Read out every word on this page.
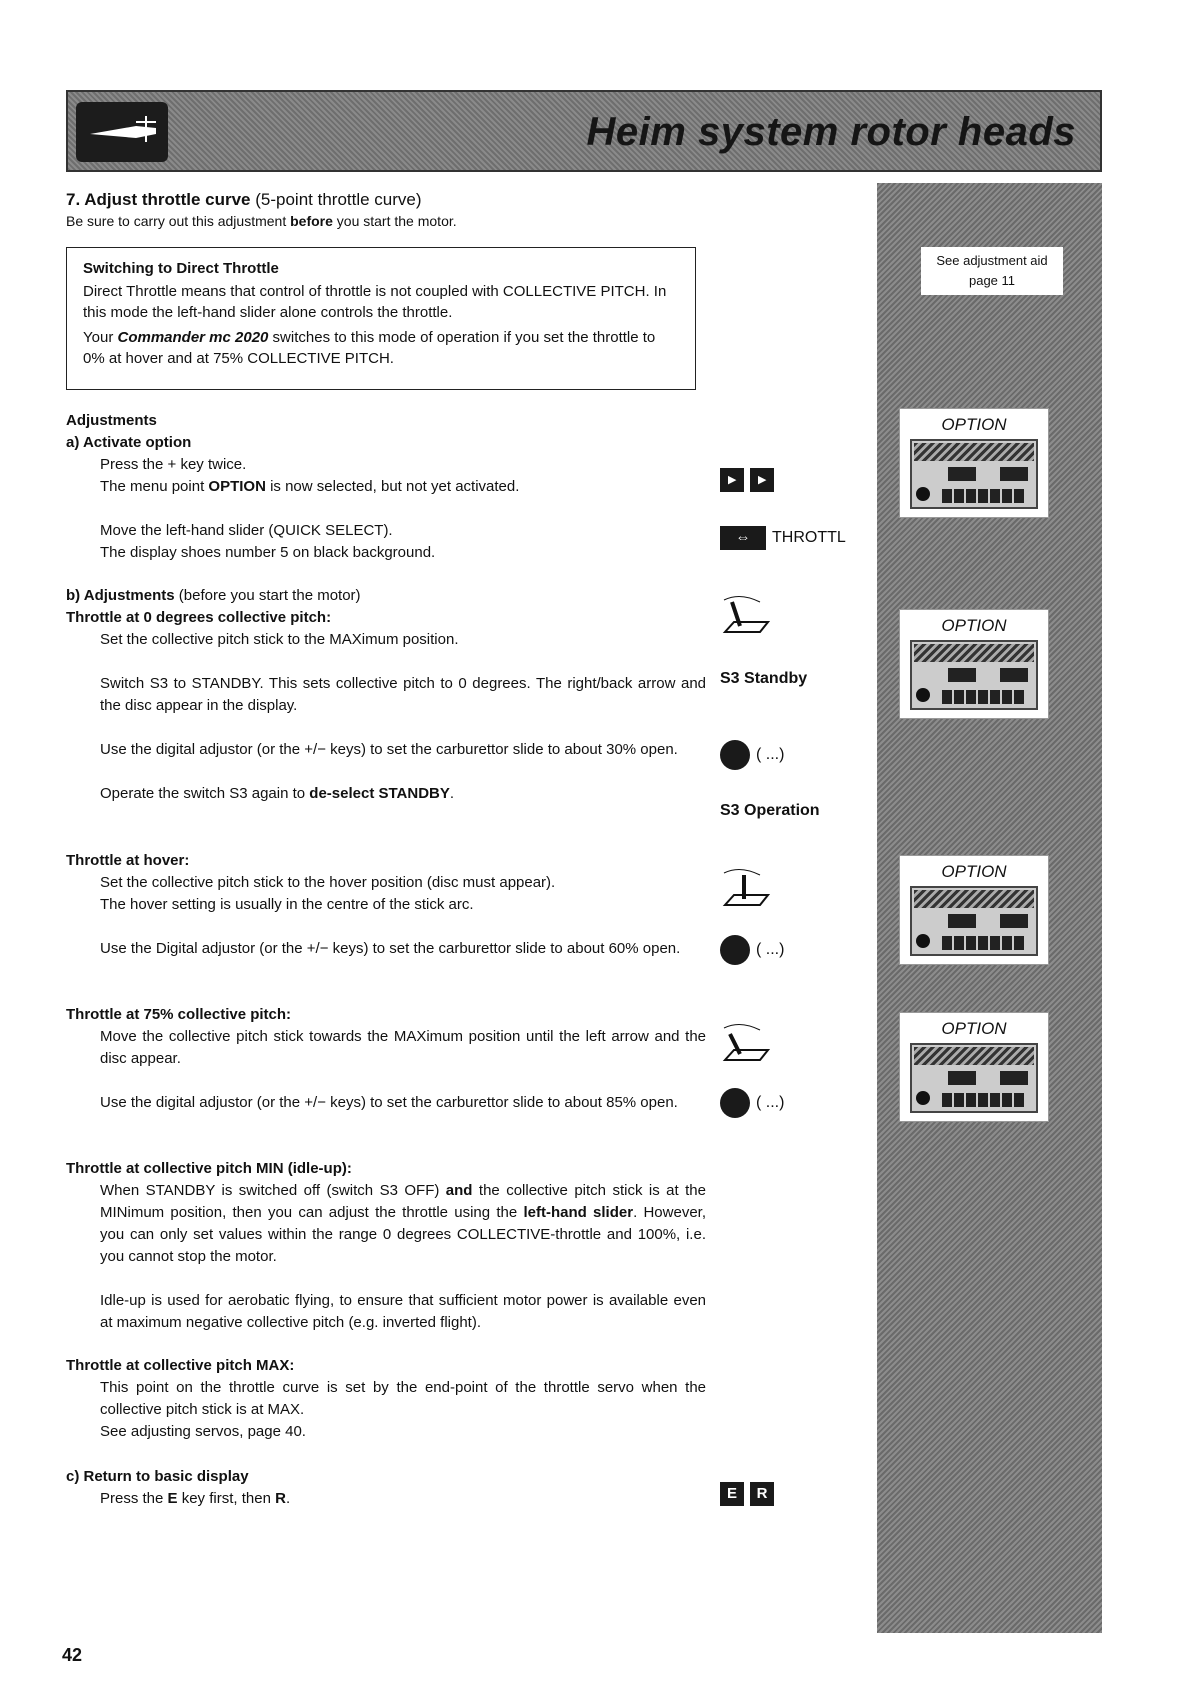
Heim system rotor heads
See adjustment aid
page 11
OPTION
OPTION
OPTION
OPTION
7. Adjust throttle curve (5-point throttle curve)
Be sure to carry out this adjustment before you start the motor.
Switching to Direct Throttle
Direct Throttle means that control of throttle is not coupled with COLLECTIVE PITCH. In this mode the left-hand slider alone controls the throttle.
Your Commander mc 2020 switches to this mode of operation if you set the throttle to 0% at hover and at 75% COLLECTIVE PITCH.
Adjustments
a) Activate option
Press the + key twice.
The menu point OPTION is now selected, but not yet activated.
Move the left-hand slider (QUICK SELECT).
The display shoes number 5 on black background.
b) Adjustments (before you start the motor)
Throttle at 0 degrees collective pitch:
Set the collective pitch stick to the MAXimum position.
Switch S3 to STANDBY. This sets collective pitch to 0 degrees. The right/back arrow and the disc appear in the display.
Use the digital adjustor (or the +/− keys) to set the carburettor slide to about 30% open.
Operate the switch S3 again to de-select STANDBY.
Throttle at hover:
Set the collective pitch stick to the hover position (disc must appear).
The hover setting is usually in the centre of the stick arc.
Use the Digital adjustor (or the +/− keys) to set the carburettor slide to about 60% open.
Throttle at 75% collective pitch:
Move the collective pitch stick towards the MAXimum position until the left arrow and the disc appear.
Use the digital adjustor (or the +/− keys) to set the carburettor slide to about 85% open.
Throttle at collective pitch MIN (idle-up):
When STANDBY is switched off (switch S3 OFF) and the collective pitch stick is at the MINimum position, then you can adjust the throttle using the left-hand slider. However, you can only set values within the range 0 degrees COLLECTIVE-throttle and 100%, i.e. you cannot stop the motor.
Idle-up is used for aerobatic flying, to ensure that sufficient motor power is available even at maximum negative collective pitch (e.g. inverted flight).
Throttle at collective pitch MAX:
This point on the throttle curve is set by the end-point of the throttle servo when the collective pitch stick is at MAX.
See adjusting servos, page 40.
c) Return to basic display
Press the E key first, then R.
▸	▸
⇔	THROTTL
S3 Standby
( ...)
S3 Operation
( ...)
( ...)
E	R
42
